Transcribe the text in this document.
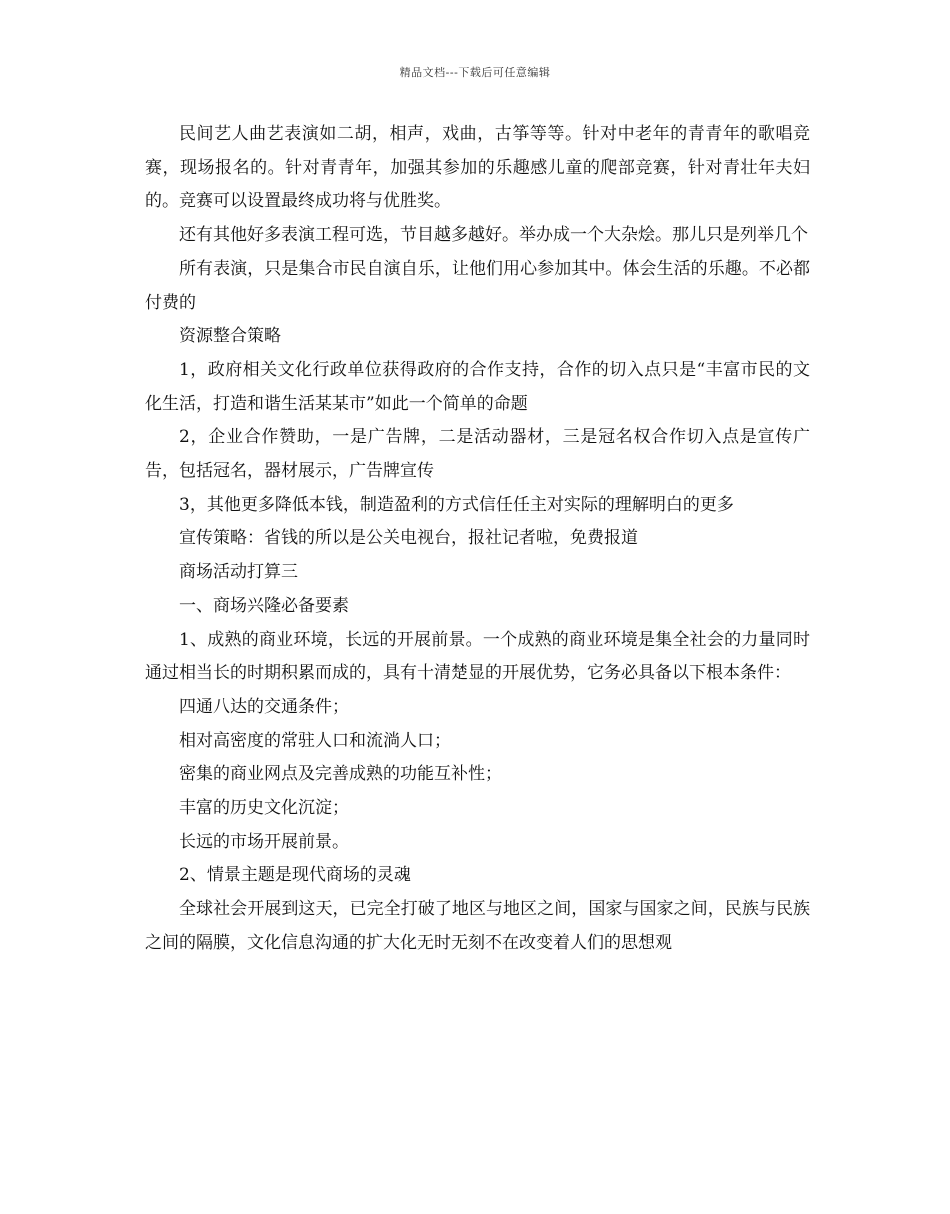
精品文档---下载后可任意编辑

民间艺人曲艺表演如二胡，相声，戏曲，古筝等等。针对中老年的青青年的歌唱竞赛，现场报名的。针对青青年，加强其参加的乐趣感儿童的爬部竞赛，针对青壮年夫妇的。竞赛可以设置最终成功将与优胜奖。

还有其他好多表演工程可选，节目越多越好。举办成一个大杂烩。那儿只是列举几个

所有表演，只是集合市民自演自乐，让他们用心参加其中。体会生活的乐趣。不必都付费的

资源整合策略

1，政府相关文化行政单位获得政府的合作支持，合作的切入点只是“丰富市民的文化生活，打造和谐生活某某市”如此一个简单的命题

2，企业合作赞助，一是广告牌，二是活动器材，三是冠名权合作切入点是宣传广告，包括冠名，器材展示，广告牌宣传

3，其他更多降低本钱，制造盈利的方式信任任主对实际的理解明白的更多

宣传策略：省钱的所以是公关电视台，报社记者啦，免费报道

商场活动打算三

一、商场兴隆必备要素

1、成熟的商业环境，长远的开展前景。一个成熟的商业环境是集全社会的力量同时通过相当长的时期积累而成的，具有十清楚显的开展优势，它务必具备以下根本条件：

四通八达的交通条件；

相对高密度的常驻人口和流淌人口；

密集的商业网点及完善成熟的功能互补性；

丰富的历史文化沉淀；

长远的市场开展前景。

2、情景主题是现代商场的灵魂

全球社会开展到这天，已完全打破了地区与地区之间，国家与国家之间，民族与民族之间的隔膜，文化信息沟通的扩大化无时无刻不在改变着人们的思想观
